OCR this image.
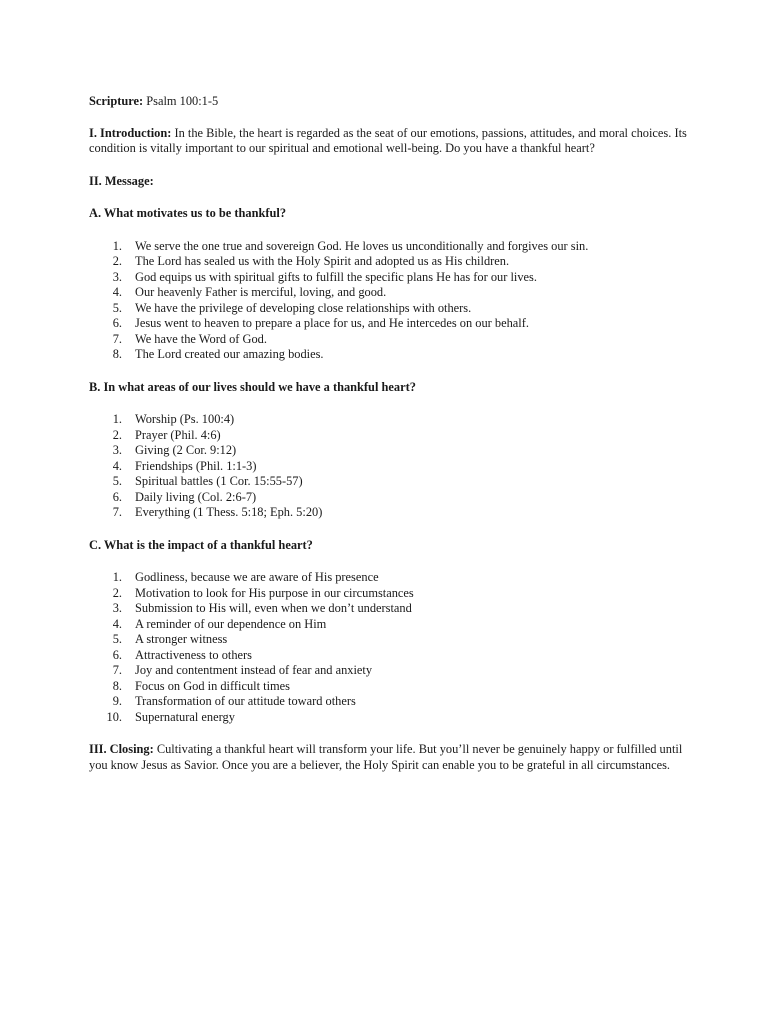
Scripture: Psalm 100:1-5

I. Introduction: In the Bible, the heart is regarded as the seat of our emotions, passions, attitudes, and moral choices. Its condition is vitally important to our spiritual and emotional well-being. Do you have a thankful heart?

II. Message:

A. What motivates us to be thankful?

1. We serve the one true and sovereign God. He loves us unconditionally and forgives our sin.
2. The Lord has sealed us with the Holy Spirit and adopted us as His children.
3. God equips us with spiritual gifts to fulfill the specific plans He has for our lives.
4. Our heavenly Father is merciful, loving, and good.
5. We have the privilege of developing close relationships with others.
6. Jesus went to heaven to prepare a place for us, and He intercedes on our behalf.
7. We have the Word of God.
8. The Lord created our amazing bodies.

B. In what areas of our lives should we have a thankful heart?

1. Worship (Ps. 100:4)
2. Prayer (Phil. 4:6)
3. Giving (2 Cor. 9:12)
4. Friendships (Phil. 1:1-3)
5. Spiritual battles (1 Cor. 15:55-57)
6. Daily living (Col. 2:6-7)
7. Everything (1 Thess. 5:18; Eph. 5:20)

C. What is the impact of a thankful heart?

1. Godliness, because we are aware of His presence
2. Motivation to look for His purpose in our circumstances
3. Submission to His will, even when we don’t understand
4. A reminder of our dependence on Him
5. A stronger witness
6. Attractiveness to others
7. Joy and contentment instead of fear and anxiety
8. Focus on God in difficult times
9. Transformation of our attitude toward others
10. Supernatural energy

III. Closing: Cultivating a thankful heart will transform your life. But you’ll never be genuinely happy or fulfilled until you know Jesus as Savior. Once you are a believer, the Holy Spirit can enable you to be grateful in all circumstances.
